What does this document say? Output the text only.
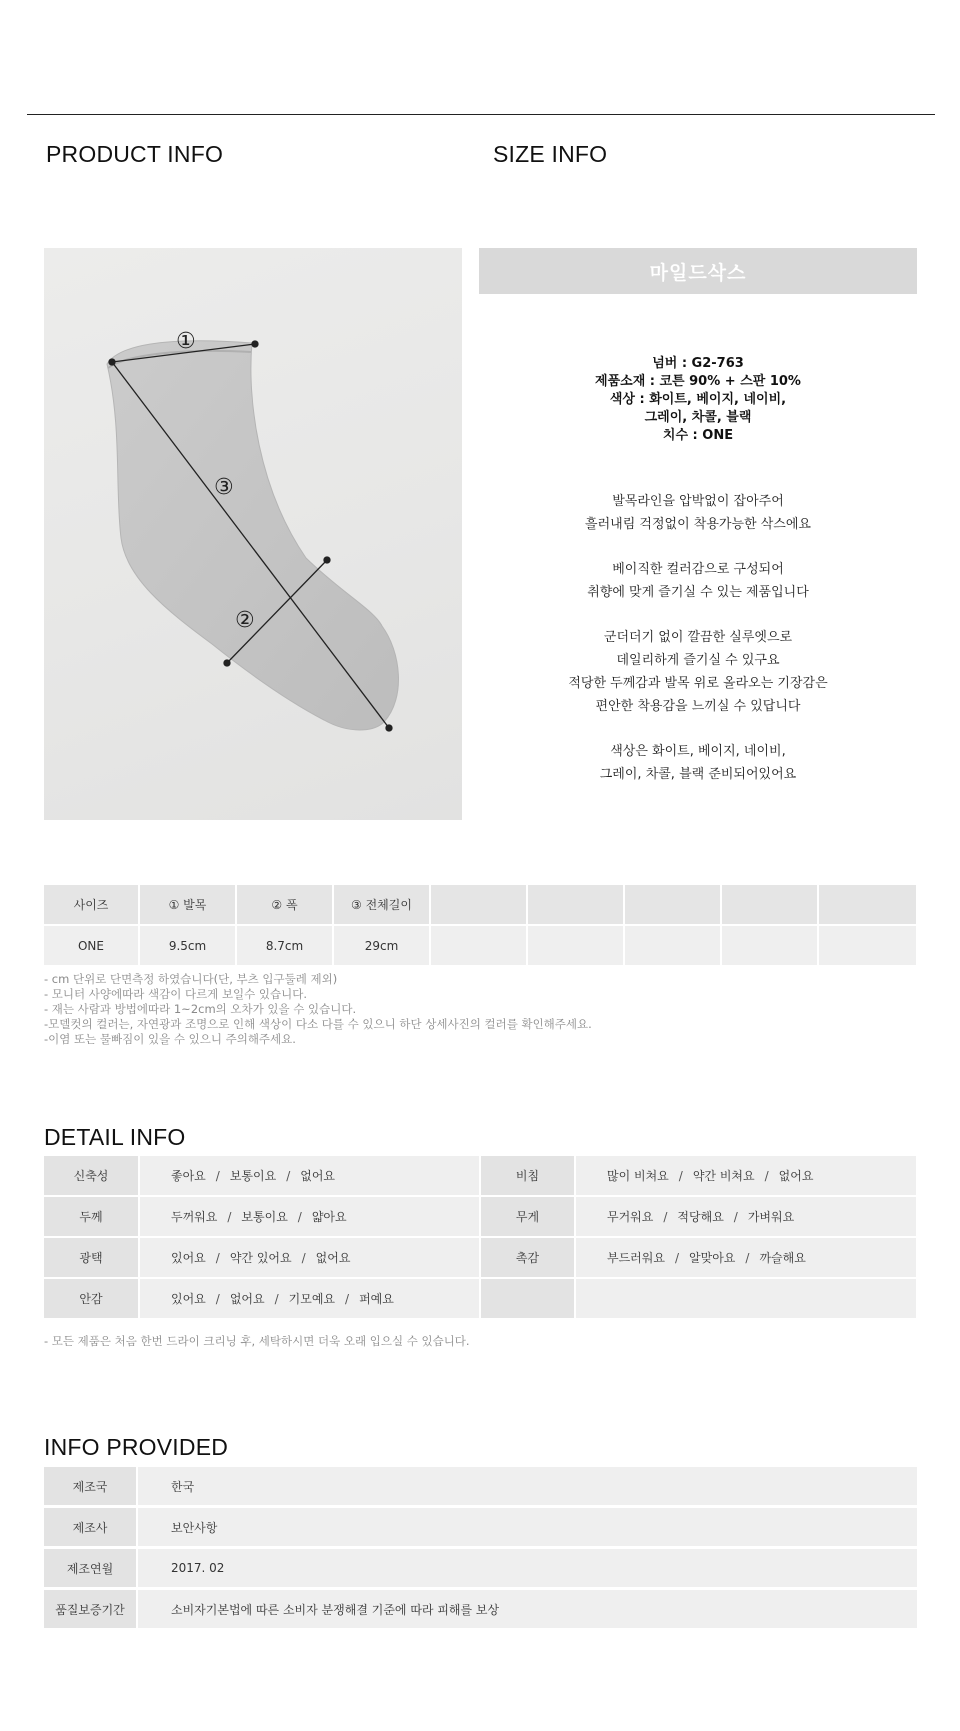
PRODUCT INFO	SIZE INFO
①
②
③
마일드삭스
넘버 : G2-763
제품소재 : 코튼 90% + 스판 10%
색상 : 화이트, 베이지, 네이비,
그레이, 차콜, 블랙
치수 : ONE

발목라인을 압박없이 잡아주어
흘러내림 걱정없이 착용가능한 삭스에요

베이직한 컬러감으로 구성되어
취향에 맞게 즐기실 수 있는 제품입니다

군더더기 없이 깔끔한 실루엣으로
데일리하게 즐기실 수 있구요
적당한 두께감과 발목 위로 올라오는 기장감은
편안한 착용감을 느끼실 수 있답니다

색상은 화이트, 베이지, 네이비,
그레이, 차콜, 블랙 준비되어있어요

사이즈	① 발목	② 폭	③ 전체길이					
ONE	9.5cm	8.7cm	29cm					
- cm 단위로 단면측정 하였습니다(단, 부츠 입구둘레 제외)
- 모니터 사양에따라 색감이 다르게 보일수 있습니다.
- 재는 사람과 방법에따라 1~2cm의 오차가 있을 수 있습니다.
-모델컷의 컬러는, 자연광과 조명으로 인해 색상이 다소 다를 수 있으니 하단 상세사진의 컬러를 확인해주세요.
-이염 또는 물빠짐이 있을 수 있으니 주의해주세요.
DETAIL INFO
신축성	좋아요 / 보통이요 / 없어요	비침	많이 비쳐요 / 약간 비쳐요 / 없어요
두께	두꺼워요 / 보통이요 / 얇아요	무게	무거워요 / 적당해요 / 가벼워요
광택	있어요 / 약간 있어요 / 없어요	촉감	부드러워요 / 알맞아요 / 까슬해요
안감	있어요 / 없어요 / 기모예요 / 퍼예요		
- 모든 제품은 처음 한번 드라이 크리닝 후, 세탁하시면 더욱 오래 입으실 수 있습니다.
INFO PROVIDED
제조국	한국
제조사	보안사항
제조연월	2017. 02
품질보증기간	소비자기본법에 따른 소비자 분쟁해결 기준에 따라 피해를 보상
